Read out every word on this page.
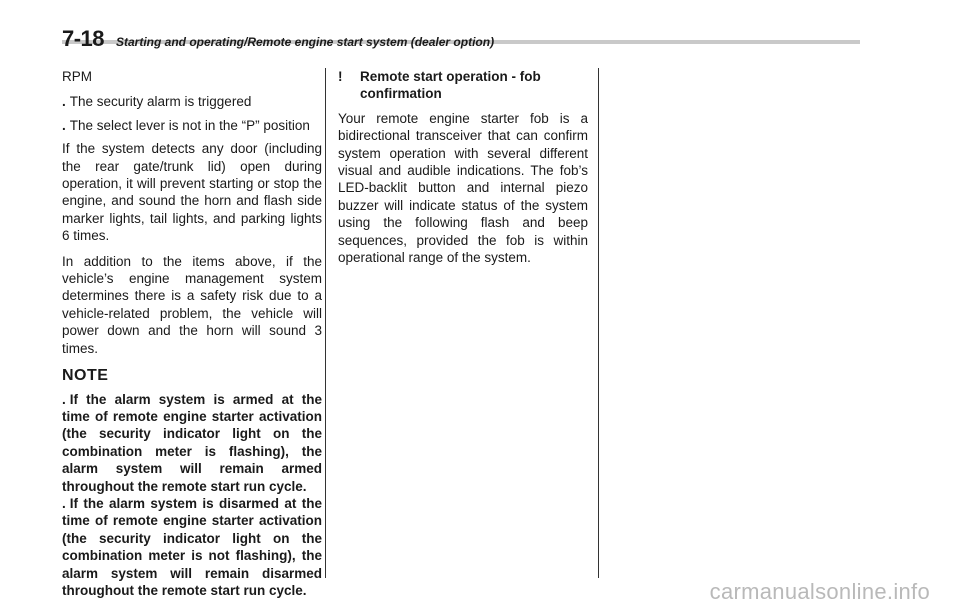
7-18 Starting and operating/Remote engine start system (dealer option)

RPM

. The security alarm is triggered

. The select lever is not in the “P” position

If the system detects any door (including the rear gate/trunk lid) open during operation, it will prevent starting or stop the engine, and sound the horn and flash side marker lights, tail lights, and parking lights 6 times.

In addition to the items above, if the vehicle’s engine management system determines there is a safety risk due to a vehicle-related problem, the vehicle will power down and the horn will sound 3 times.

NOTE

. If the alarm system is armed at the time of remote engine starter activation (the security indicator light on the combination meter is flashing), the alarm system will remain armed throughout the remote start run cycle.

. If the alarm system is disarmed at the time of remote engine starter activation (the security indicator light on the combination meter is not flashing), the alarm system will remain disarmed throughout the remote start run cycle.

! Remote start operation - fob confirmation

Your remote engine starter fob is a bidirectional transceiver that can confirm system operation with several different visual and audible indications. The fob’s LED-backlit button and internal piezo buzzer will indicate status of the system using the following flash and beep sequences, provided the fob is within operational range of the system.

carmanualsonline.info
